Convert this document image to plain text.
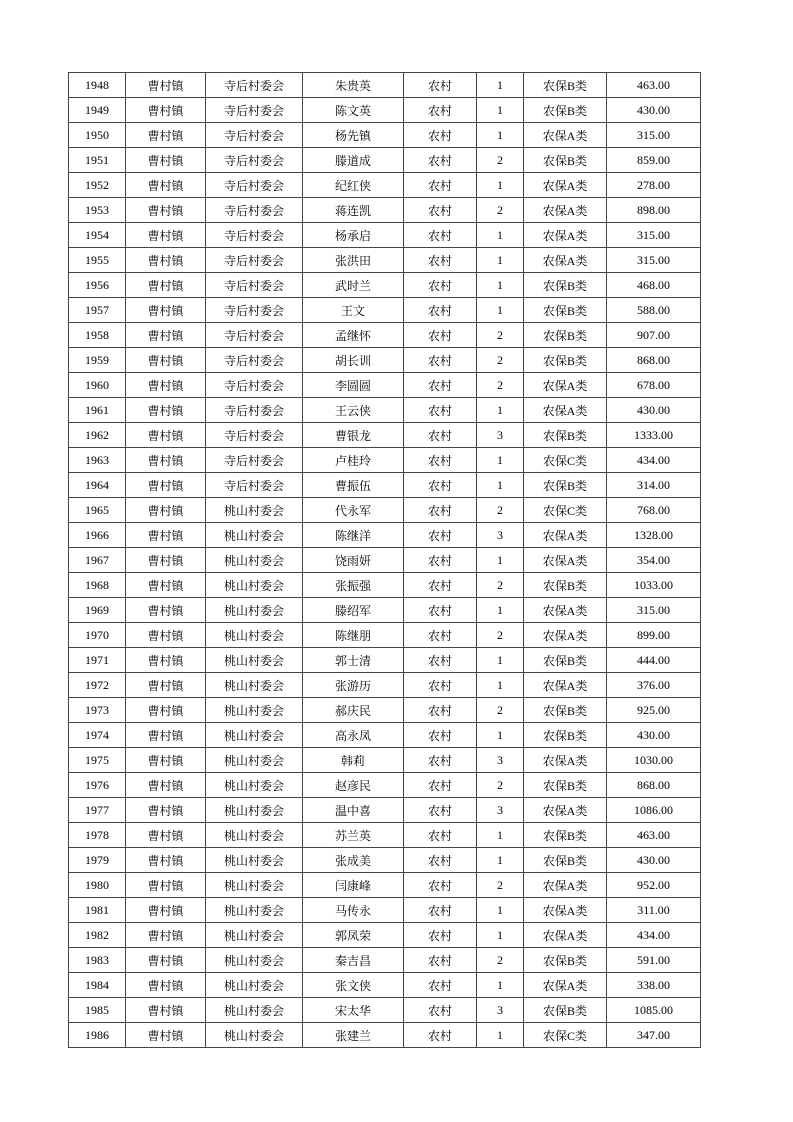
1948	曹村镇	寺后村委会	朱贵英	农村	1	农保B类	463.00
1949	曹村镇	寺后村委会	陈文英	农村	1	农保B类	430.00
1950	曹村镇	寺后村委会	杨先镇	农村	1	农保A类	315.00
1951	曹村镇	寺后村委会	滕道成	农村	2	农保B类	859.00
1952	曹村镇	寺后村委会	纪红侠	农村	1	农保A类	278.00
1953	曹村镇	寺后村委会	蒋连凯	农村	2	农保A类	898.00
1954	曹村镇	寺后村委会	杨承启	农村	1	农保A类	315.00
1955	曹村镇	寺后村委会	张洪田	农村	1	农保A类	315.00
1956	曹村镇	寺后村委会	武时兰	农村	1	农保B类	468.00
1957	曹村镇	寺后村委会	王文	农村	1	农保B类	588.00
1958	曹村镇	寺后村委会	孟继怀	农村	2	农保B类	907.00
1959	曹村镇	寺后村委会	胡长训	农村	2	农保B类	868.00
1960	曹村镇	寺后村委会	李圆圆	农村	2	农保A类	678.00
1961	曹村镇	寺后村委会	王云侠	农村	1	农保A类	430.00
1962	曹村镇	寺后村委会	曹银龙	农村	3	农保B类	1333.00
1963	曹村镇	寺后村委会	卢桂玲	农村	1	农保C类	434.00
1964	曹村镇	寺后村委会	曹振伍	农村	1	农保B类	314.00
1965	曹村镇	桃山村委会	代永军	农村	2	农保C类	768.00
1966	曹村镇	桃山村委会	陈继洋	农村	3	农保A类	1328.00
1967	曹村镇	桃山村委会	饶雨妍	农村	1	农保A类	354.00
1968	曹村镇	桃山村委会	张振强	农村	2	农保B类	1033.00
1969	曹村镇	桃山村委会	滕绍军	农村	1	农保A类	315.00
1970	曹村镇	桃山村委会	陈继朋	农村	2	农保A类	899.00
1971	曹村镇	桃山村委会	郭士清	农村	1	农保B类	444.00
1972	曹村镇	桃山村委会	张游历	农村	1	农保A类	376.00
1973	曹村镇	桃山村委会	郝庆民	农村	2	农保B类	925.00
1974	曹村镇	桃山村委会	高永凤	农村	1	农保B类	430.00
1975	曹村镇	桃山村委会	韩莉	农村	3	农保A类	1030.00
1976	曹村镇	桃山村委会	赵彦民	农村	2	农保B类	868.00
1977	曹村镇	桃山村委会	温中喜	农村	3	农保A类	1086.00
1978	曹村镇	桃山村委会	苏兰英	农村	1	农保B类	463.00
1979	曹村镇	桃山村委会	张成美	农村	1	农保B类	430.00
1980	曹村镇	桃山村委会	闫康峰	农村	2	农保A类	952.00
1981	曹村镇	桃山村委会	马传永	农村	1	农保A类	311.00
1982	曹村镇	桃山村委会	郭凤荣	农村	1	农保A类	434.00
1983	曹村镇	桃山村委会	秦吉昌	农村	2	农保B类	591.00
1984	曹村镇	桃山村委会	张文侠	农村	1	农保A类	338.00
1985	曹村镇	桃山村委会	宋太华	农村	3	农保B类	1085.00
1986	曹村镇	桃山村委会	张建兰	农村	1	农保C类	347.00
